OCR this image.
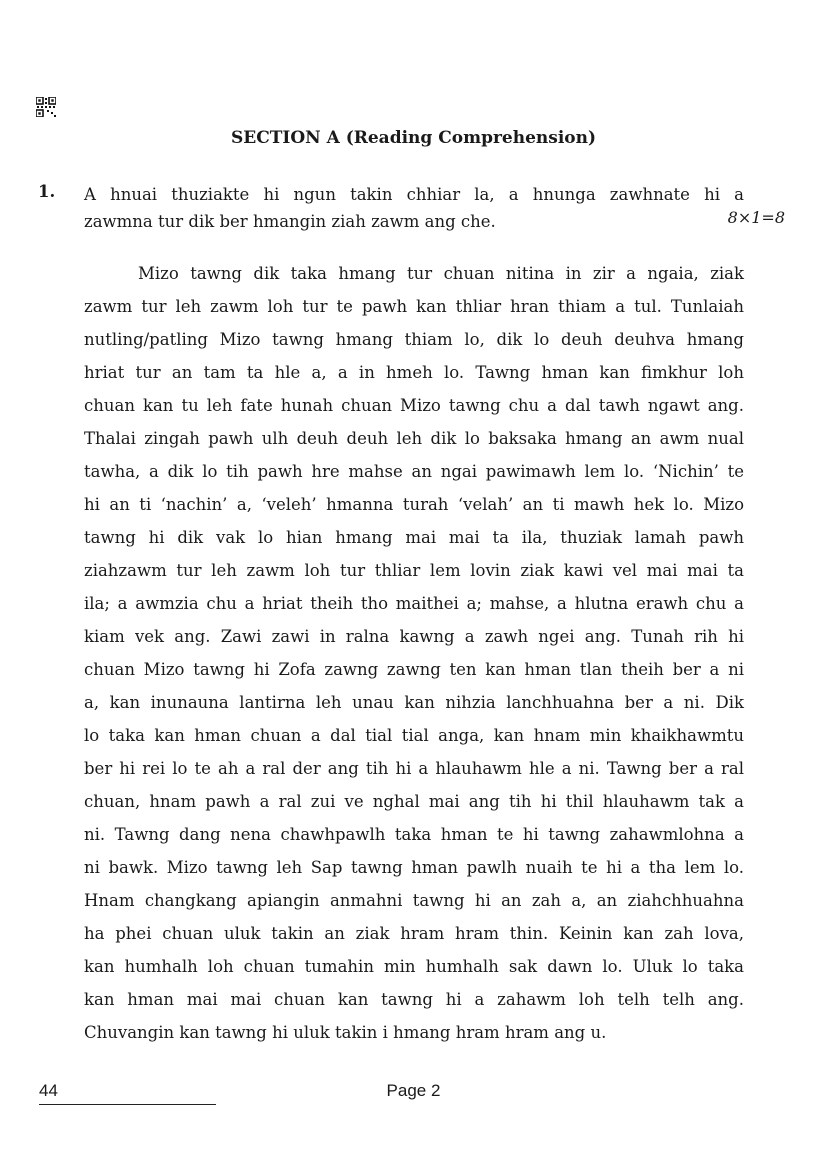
SECTION A (Reading Comprehension)
1. A hnuai thuziakte hi ngun takin chhiar la, a hnunga zawhnate hi a
zawmna tur dik ber hmangin ziah zawm ang che.	8×1=8
Mizo tawng dik taka hmang tur chuan nitina in zir a ngaia, ziak
zawm tur leh zawm loh tur te pawh kan thliar hran thiam a tul. Tunlaiah
nutling/patling Mizo tawng hmang thiam lo, dik lo deuh deuhva hmang
hriat tur an tam ta hle a, a in hmeh lo. Tawng hman kan fimkhur loh
chuan kan tu leh fate hunah chuan Mizo tawng chu a dal tawh ngawt ang.
Thalai zingah pawh ulh deuh deuh leh dik lo baksaka hmang an awm nual
tawha, a dik lo tih pawh hre mahse an ngai pawimawh lem lo. ‘Nichin’ te
hi an ti ‘nachin’ a, ‘veleh’ hmanna turah ‘velah’ an ti mawh hek lo. Mizo
tawng hi dik vak lo hian hmang mai mai ta ila, thuziak lamah pawh
ziahzawm tur leh zawm loh tur thliar lem lovin ziak kawi vel mai mai ta
ila; a awmzia chu a hriat theih tho maithei a; mahse, a hlutna erawh chu a
kiam vek ang. Zawi zawi in ralna kawng a zawh ngei ang. Tunah rih hi
chuan Mizo tawng hi Zofa zawng zawng ten kan hman tlan theih ber a ni
a, kan inunauna lantirna leh unau kan nihzia lanchhuahna ber a ni. Dik
lo taka kan hman chuan a dal tial tial anga, kan hnam min khaikhawmtu
ber hi rei lo te ah a ral der ang tih hi a hlauhawm hle a ni. Tawng ber a ral
chuan, hnam pawh a ral zui ve nghal mai ang tih hi thil hlauhawm tak a
ni. Tawng dang nena chawhpawlh taka hman te hi tawng zahawmlohna a
ni bawk. Mizo tawng leh Sap tawng hman pawlh nuaih te hi a tha lem lo.
Hnam changkang apiangin anmahni tawng hi an zah a, an ziahchhuahna
ha phei chuan uluk takin an ziak hram hram thin. Keinin kan zah lova,
kan humhalh loh chuan tumahin min humhalh sak dawn lo. Uluk lo taka
kan hman mai mai chuan kan tawng hi a zahawm loh telh telh ang.
Chuvangin kan tawng hi uluk takin i hmang hram hram ang u.
44	Page 2
